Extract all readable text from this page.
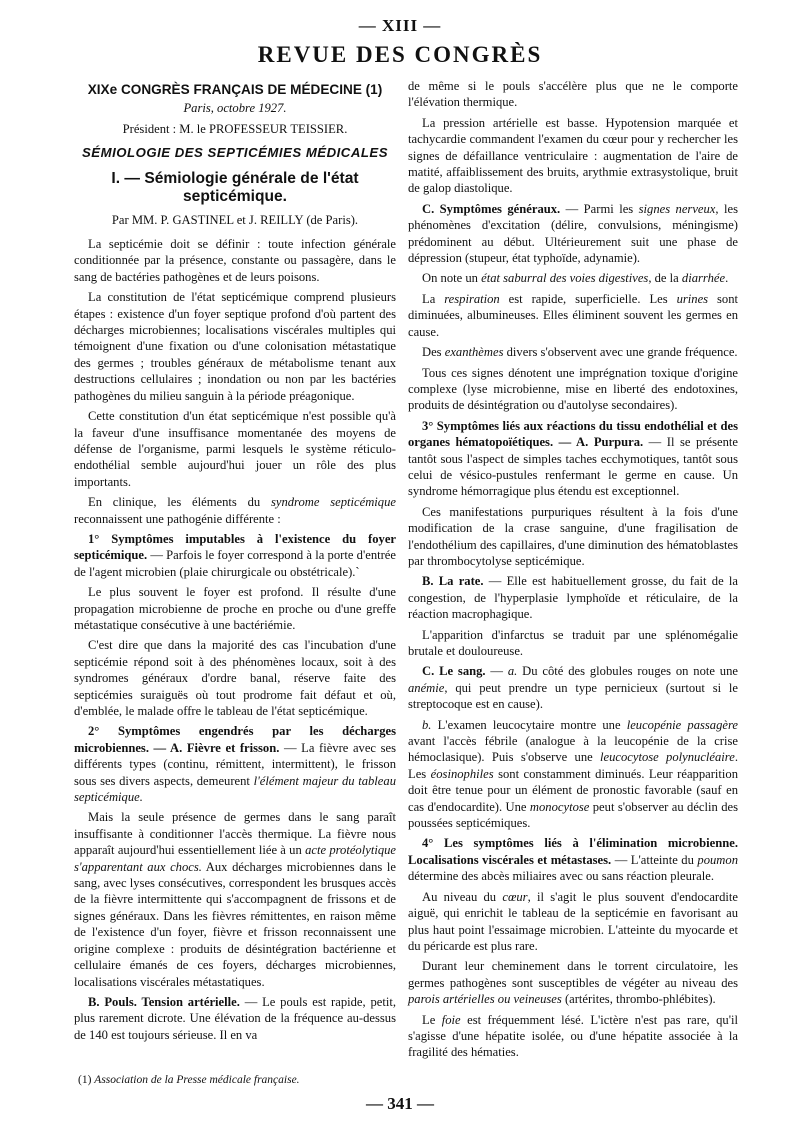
— XIII —
REVUE DES CONGRÈS
XIXe CONGRÈS FRANÇAIS DE MÉDECINE (1)
Paris, octobre 1927.
Président : M. le PROFESSEUR TEISSIER.
SÉMIOLOGIE DES SEPTICÉMIES MÉDICALES
I. — Sémiologie générale de l'état septicémique.
Par MM. P. GASTINEL et J. REILLY (de Paris).

La septicémie doit se définir : toute infection générale conditionnée par la présence, constante ou passagère, dans le sang de bactéries pathogènes et de leurs poisons.

La constitution de l'état septicémique comprend plusieurs étapes : existence d'un foyer septique profond d'où partent des décharges microbiennes; localisations viscérales multiples qui témoignent d'une fixation ou d'une colonisation métastatique des germes ; troubles généraux de métabolisme tenant aux destructions cellulaires ; inondation ou non par les bactéries pathogènes du milieu sanguin à la période préagonique.

Cette constitution d'un état septicémique n'est possible qu'à la faveur d'une insuffisance momentanée des moyens de défense de l'organisme, parmi lesquels le système réticulo-endothélial semble aujourd'hui jouer un rôle des plus importants.

En clinique, les éléments du syndrome septicémique reconnaissent une pathogénie différente :

1° Symptômes imputables à l'existence du foyer septicémique. — Parfois le foyer correspond à la porte d'entrée de l'agent microbien (plaie chirurgicale ou obstétricale).`

Le plus souvent le foyer est profond. Il résulte d'une propagation microbienne de proche en proche ou d'une greffe métastatique consécutive à une bactériémie.

C'est dire que dans la majorité des cas l'incubation d'une septicémie répond soit à des phénomènes locaux, soit à des syndromes généraux d'ordre banal, réserve faite des septicémies suraiguës où tout prodrome fait défaut et où, d'emblée, le malade offre le tableau de l'état septicémique.

2° Symptômes engendrés par les décharges microbiennes. — A. Fièvre et frisson. — La fièvre avec ses différents types (continu, rémittent, intermittent), le frisson sous ses divers aspects, demeurent l'élément majeur du tableau septicémique.

Mais la seule présence de germes dans le sang paraît insuffisante à conditionner l'accès thermique. La fièvre nous apparaît aujourd'hui essentiellement liée à un acte protéolytique s'apparentant aux chocs. Aux décharges microbiennes dans le sang, avec lyses consécutives, correspondent les brusques accès de la fièvre intermittente qui s'accompagnent de frissons et de signes généraux. Dans les fièvres rémittentes, en raison même de l'existence d'un foyer, fièvre et frisson reconnaissent une origine complexe : produits de désintégration bactérienne et cellulaire émanés de ces foyers, décharges microbiennes, localisations viscérales métastatiques.

B. Pouls. Tension artérielle. — Le pouls est rapide, petit, plus rarement dicrote. Une élévation de la fréquence au-dessus de 140 est toujours sérieuse. Il en va

(1) Association de la Presse médicale française.

de même si le pouls s'accélère plus que ne le comporte l'élévation thermique.

La pression artérielle est basse. Hypotension marquée et tachycardie commandent l'examen du cœur pour y rechercher les signes de défaillance ventriculaire : augmentation de l'aire de matité, affaiblissement des bruits, arythmie extrasystolique, bruit de galop diastolique.

C. Symptômes généraux. — Parmi les signes nerveux, les phénomènes d'excitation (délire, convulsions, méningisme) prédominent au début. Ultérieurement suit une phase de dépression (stupeur, état typhoïde, adynamie).

On note un état saburral des voies digestives, de la diarrhée.

La respiration est rapide, superficielle. Les urines sont diminuées, albumineuses. Elles éliminent souvent les germes en cause.

Des exanthèmes divers s'observent avec une grande fréquence.

Tous ces signes dénotent une imprégnation toxique d'origine complexe (lyse microbienne, mise en liberté des endotoxines, produits de désintégration ou d'autolyse secondaires).

3° Symptômes liés aux réactions du tissu endothélial et des organes hématopoïétiques. — A. Purpura. — Il se présente tantôt sous l'aspect de simples taches ecchymotiques, tantôt sous celui de vésico-pustules renfermant le germe en cause. Un syndrome hémorragique plus étendu est exceptionnel.

Ces manifestations purpuriques résultent à la fois d'une modification de la crase sanguine, d'une fragilisation de l'endothélium des capillaires, d'une diminution des hématoblastes par thrombocytolyse septicémique.

B. La rate. — Elle est habituellement grosse, du fait de la congestion, de l'hyperplasie lymphoïde et réticulaire, de la réaction macrophagique.

L'apparition d'infarctus se traduit par une splénomégalie brutale et douloureuse.

C. Le sang. — a. Du côté des globules rouges on note une anémie, qui peut prendre un type pernicieux (surtout si le streptocoque est en cause).

b. L'examen leucocytaire montre une leucopénie passagère avant l'accès fébrile (analogue à la leucopénie de la crise hémoclasique). Puis s'observe une leucocytose polynucléaire. Les éosinophiles sont constamment diminués. Leur réapparition doit être tenue pour un élément de pronostic favorable (sauf en cas d'endocardite). Une monocytose peut s'observer au déclin des poussées septicémiques.

4° Les symptômes liés à l'élimination microbienne. Localisations viscérales et métastases. — L'atteinte du poumon détermine des abcès miliaires avec ou sans réaction pleurale.

Au niveau du cœur, il s'agit le plus souvent d'endocardite aiguë, qui enrichit le tableau de la septicémie en favorisant au plus haut point l'essaimage microbien. L'atteinte du myocarde et du péricarde est plus rare.

Durant leur cheminement dans le torrent circulatoire, les germes pathogènes sont susceptibles de végéter au niveau des parois artérielles ou veineuses (artérites, thrombo-phlébites).

Le foie est fréquemment lésé. L'ictère n'est pas rare, qu'il s'agisse d'une hépatite isolée, ou d'une hépatite associée à la fragilité des hématies.

— 341 —
